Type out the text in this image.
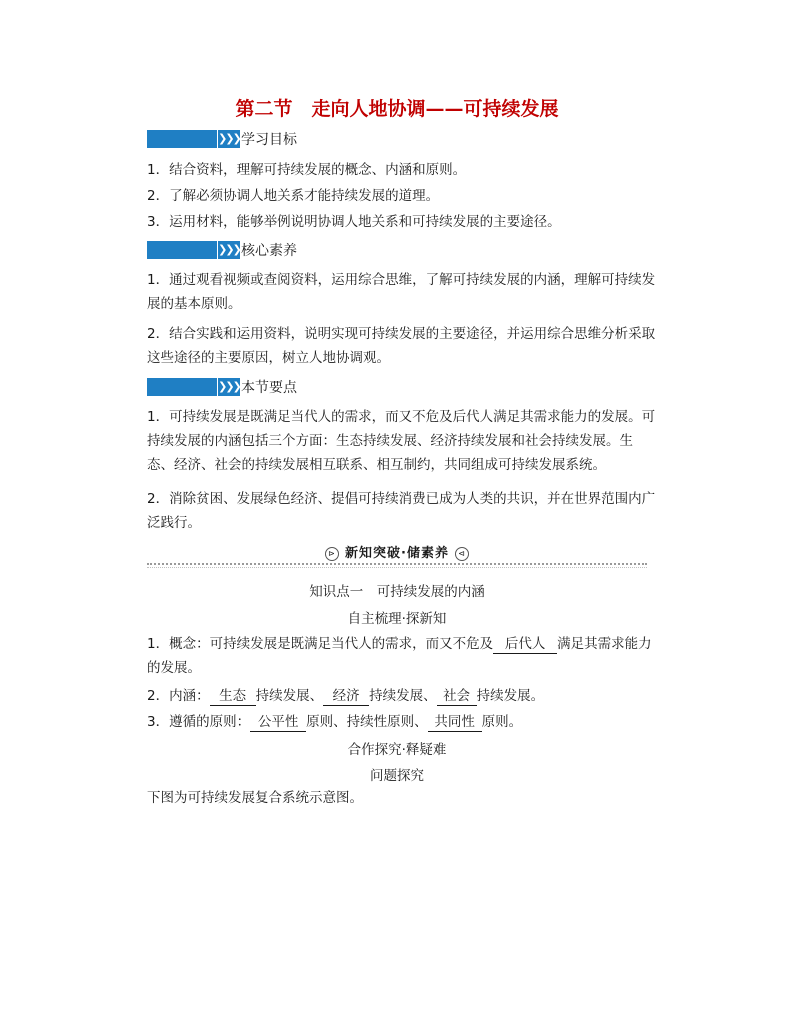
第二节　走向人地协调——可持续发展
❯❯❯ 学习目标
1．结合资料，理解可持续发展的概念、内涵和原则。
2．了解必须协调人地关系才能持续发展的道理。
3．运用材料，能够举例说明协调人地关系和可持续发展的主要途径。
❯❯❯ 核心素养
1．通过观看视频或查阅资料，运用综合思维，了解可持续发展的内涵，理解可持续发展的基本原则。
2．结合实践和运用资料，说明实现可持续发展的主要途径，并运用综合思维分析采取这些途径的主要原因，树立人地协调观。
❯❯❯ 本节要点
1．可持续发展是既满足当代人的需求，而又不危及后代人满足其需求能力的发展。可持续发展的内涵包括三个方面：生态持续发展、经济持续发展和社会持续发展。生态、经济、社会的持续发展相互联系、相互制约，共同组成可持续发展系统。
2．消除贫困、发展绿色经济、提倡可持续消费已成为人类的共识，并在世界范围内广泛践行。
⊳ 新知突破·储素养 ⊲
知识点一　可持续发展的内涵
自主梳理·探新知
1．概念：可持续发展是既满足当代人的需求，而又不危及 后代人 满足其需求能力的发展。
2．内涵： 生态 持续发展、 经济 持续发展、 社会 持续发展。
3．遵循的原则： 公平性 原则、持续性原则、 共同性 原则。
合作探究·释疑难
问题探究
下图为可持续发展复合系统示意图。
